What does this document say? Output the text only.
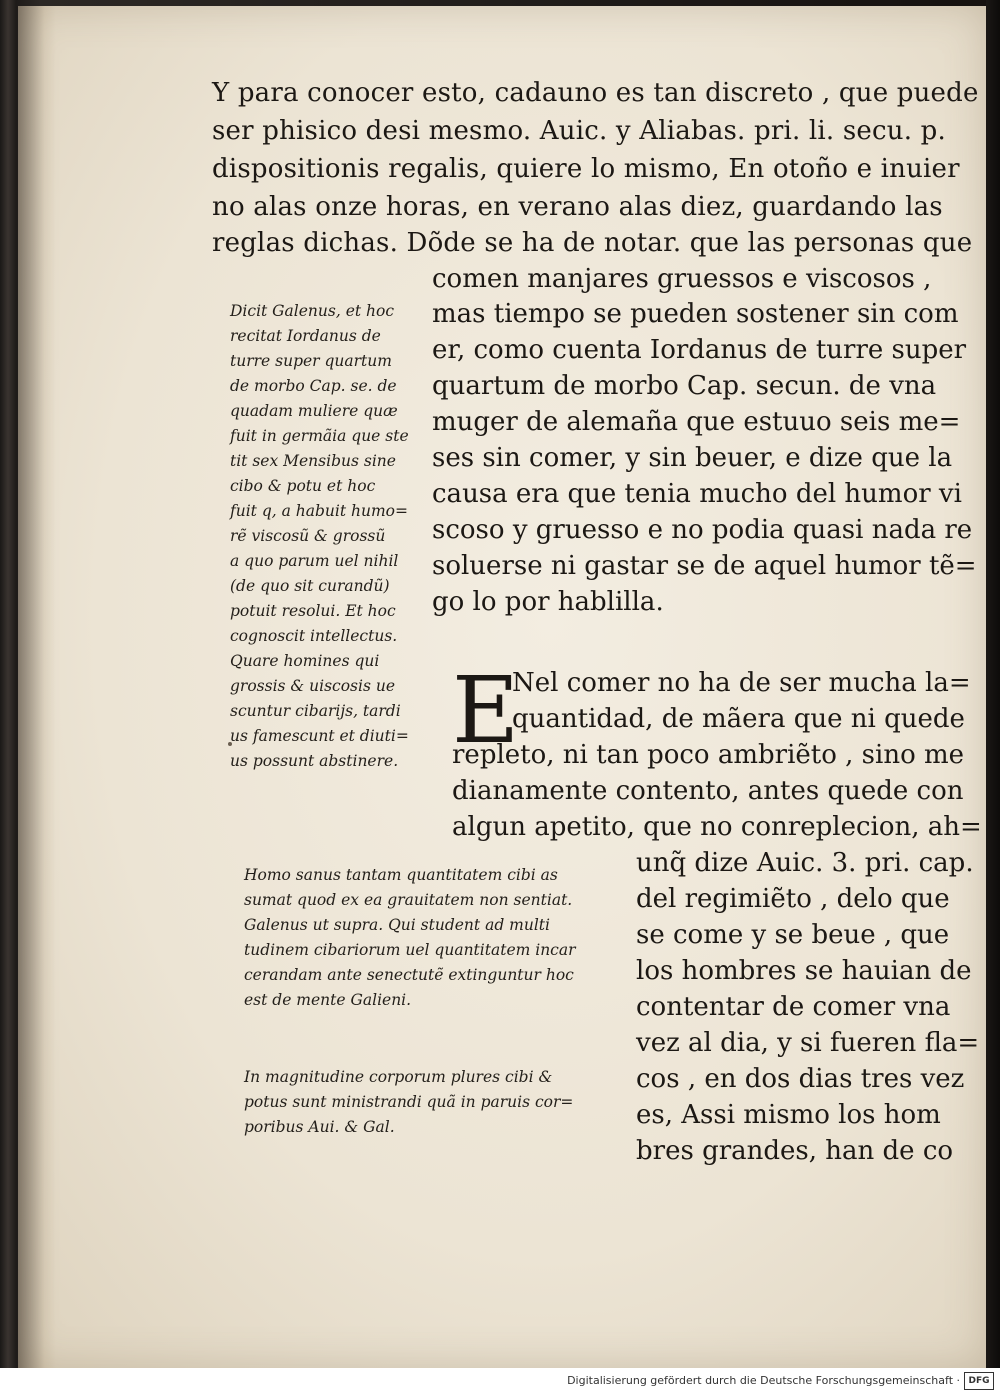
Y para conocer esto, cadauno es tan discreto , que puede

ser phisico desi mesmo. Auic. y Aliabas. pri. li. secu. p.

dispositionis regalis, quiere lo mismo, En otoño e inuier

no alas onze horas, en verano alas diez, guardando las

reglas dichas. Dõde se ha de notar. que las personas que

comen manjares gruessos e viscosos ,

mas tiempo se pueden sostener sin com

er, como cuenta Iordanus de turre super

quartum de morbo Cap. secun. de vna

muger de alemaña que estuuo seis me=

ses sin comer, y sin beuer, e dize que la

causa era que tenia mucho del humor vi

scoso y gruesso e no podia quasi nada re

soluerse ni gastar se de aquel humor tẽ=

go lo por hablilla.

E

Nel comer no ha de ser mucha la=

quantidad, de mãera que ni quede

repleto, ni tan poco ambriẽto , sino me

dianamente contento, antes quede con

algun apetito, que no conreplecion, ah=

unq̃ dize Auic. 3. pri. cap.

del regimiẽto , delo que

se come y se beue , que

los hombres se hauian de

contentar de comer vna

vez al dia, y si fueren fla=

cos , en dos dias tres vez

es, Assi mismo los hom

bres grandes, han de co

Dicit Galenus, et hoc

recitat Iordanus de

turre super quartum

de morbo Cap. se. de

quadam muliere quæ

fuit in germãia que ste

tit sex Mensibus sine

cibo & potu et hoc

fuit q, a habuit humo=

rẽ viscosũ & grossũ

a quo parum uel nihil

(de quo sit curandũ)

potuit resolui. Et hoc

cognoscit intellectus.

Quare homines qui

grossis & uiscosis ue

scuntur cibarijs, tardi

us famescunt et diuti=

us possunt abstinere.

Homo sanus tantam quantitatem cibi as

sumat quod ex ea grauitatem non sentiat.

Galenus ut supra. Qui student ad multi

tudinem cibariorum uel quantitatem incar

cerandam ante senectutẽ extinguntur hoc

est de mente Galieni.

In magnitudine corporum plures cibi &

potus sunt ministrandi quã in paruis cor=

poribus Aui. & Gal.

Digitalisierung gefördert durch die Deutsche Forschungsgemeinschaft · DFG
